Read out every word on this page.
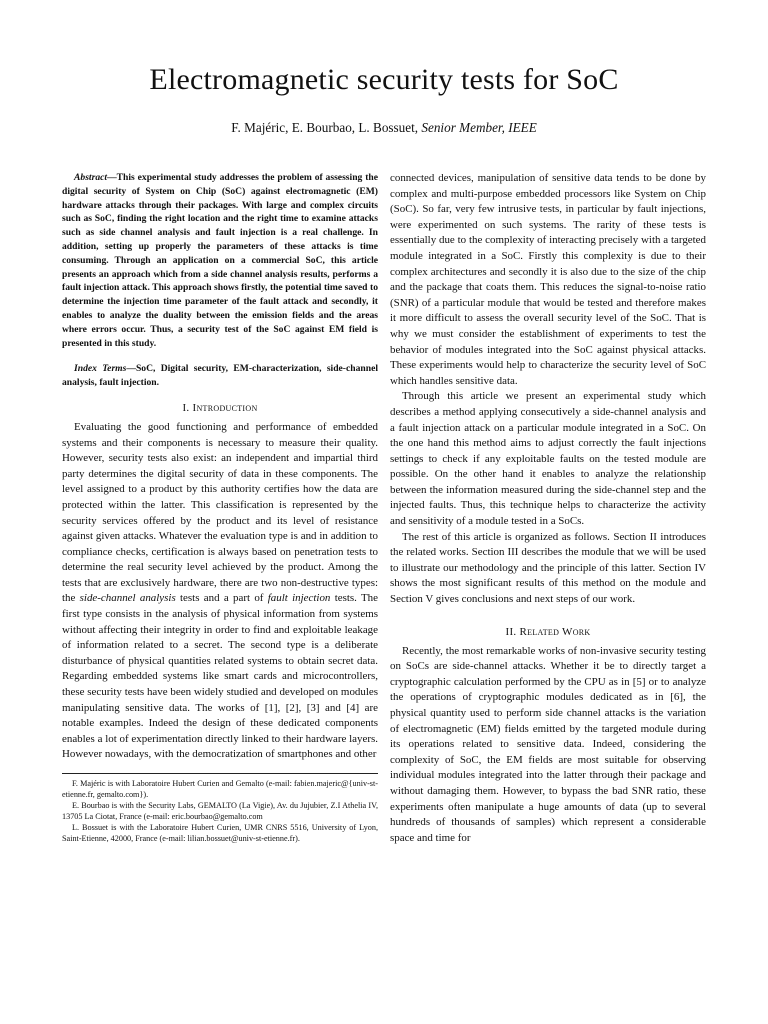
Electromagnetic security tests for SoC
F. Majéric, E. Bourbao, L. Bossuet, Senior Member, IEEE

Abstract—This experimental study addresses the problem of assessing the digital security of System on Chip (SoC) against electromagnetic (EM) hardware attacks through their packages. With large and complex circuits such as SoC, finding the right location and the right time to examine attacks such as side channel analysis and fault injection is a real challenge. In addition, setting up properly the parameters of these attacks is time consuming. Through an application on a commercial SoC, this article presents an approach which from a side channel analysis results, performs a fault injection attack. This approach shows firstly, the potential time saved to determine the injection time parameter of the fault attack and secondly, it enables to analyze the duality between the emission fields and the areas where errors occur. Thus, a security test of the SoC against EM field is presented in this study.

Index Terms—SoC, Digital security, EM-characterization, side-channel analysis, fault injection.

I. Introduction

Evaluating the good functioning and performance of embedded systems and their components is necessary to measure their quality. However, security tests also exist: an independent and impartial third party determines the digital security of data in these components. The level assigned to a product by this authority certifies how the data are protected within the latter. This classification is represented by the security services offered by the product and its level of resistance against given attacks. Whatever the evaluation type is and in addition to compliance checks, certification is always based on penetration tests to determine the real security level achieved by the product. Among the tests that are exclusively hardware, there are two non-destructive types: the side-channel analysis tests and a part of fault injection tests. The first type consists in the analysis of physical information from systems without affecting their integrity in order to find and exploitable leakage of information related to a secret. The second type is a deliberate disturbance of physical quantities related systems to obtain secret data. Regarding embedded systems like smart cards and microcontrollers, these security tests have been widely studied and developed on modules manipulating sensitive data. The works of [1], [2], [3] and [4] are notable examples. Indeed the design of these dedicated components enables a lot of experimentation directly linked to their hardware layers. However nowadays, with the democratization of smartphones and other

F. Majéric is with Laboratoire Hubert Curien and Gemalto (e-mail: fabien.majeric@{univ-st-etienne.fr, gemalto.com}).

E. Bourbao is with the Security Labs, GEMALTO (La Vigie), Av. du Jujubier, Z.I Athelia IV, 13705 La Ciotat, France (e-mail: eric.bourbao@gemalto.com

L. Bossuet is with the Laboratoire Hubert Curien, UMR CNRS 5516, University of Lyon, Saint-Etienne, 42000, France (e-mail: lilian.bossuet@univ-st-etienne.fr).

connected devices, manipulation of sensitive data tends to be done by complex and multi-purpose embedded processors like System on Chip (SoC). So far, very few intrusive tests, in particular by fault injections, were experimented on such systems. The rarity of these tests is essentially due to the complexity of interacting precisely with a targeted module integrated in a SoC. Firstly this complexity is due to their complex architectures and secondly it is also due to the size of the chip and the package that coats them. This reduces the signal-to-noise ratio (SNR) of a particular module that would be tested and therefore makes it more difficult to assess the overall security level of the SoC. That is why we must consider the establishment of experiments to test the behavior of modules integrated into the SoC against physical attacks. These experiments would help to characterize the security level of SoC which handles sensitive data.

Through this article we present an experimental study which describes a method applying consecutively a side-channel analysis and a fault injection attack on a particular module integrated in a SoC. On the one hand this method aims to adjust correctly the fault injections settings to check if any exploitable faults on the tested module are possible. On the other hand it enables to analyze the relationship between the information measured during the side-channel step and the injected faults. Thus, this technique helps to characterize the activity and sensitivity of a module tested in a SoCs.

The rest of this article is organized as follows. Section II introduces the related works. Section III describes the module that we will be used to illustrate our methodology and the principle of this latter. Section IV shows the most significant results of this method on the module and Section V gives conclusions and next steps of our work.

II. Related Work

Recently, the most remarkable works of non-invasive security testing on SoCs are side-channel attacks. Whether it be to directly target a cryptographic calculation performed by the CPU as in [5] or to analyze the operations of cryptographic modules dedicated as in [6], the physical quantity used to perform side channel attacks is the variation of electromagnetic (EM) fields emitted by the targeted module during its operations related to sensitive data. Indeed, considering the complexity of SoC, the EM fields are most suitable for observing individual modules integrated into the latter through their package and without damaging them. However, to bypass the bad SNR ratio, these experiments often manipulate a huge amounts of data (up to several hundreds of thousands of samples) which represent a considerable space and time for
